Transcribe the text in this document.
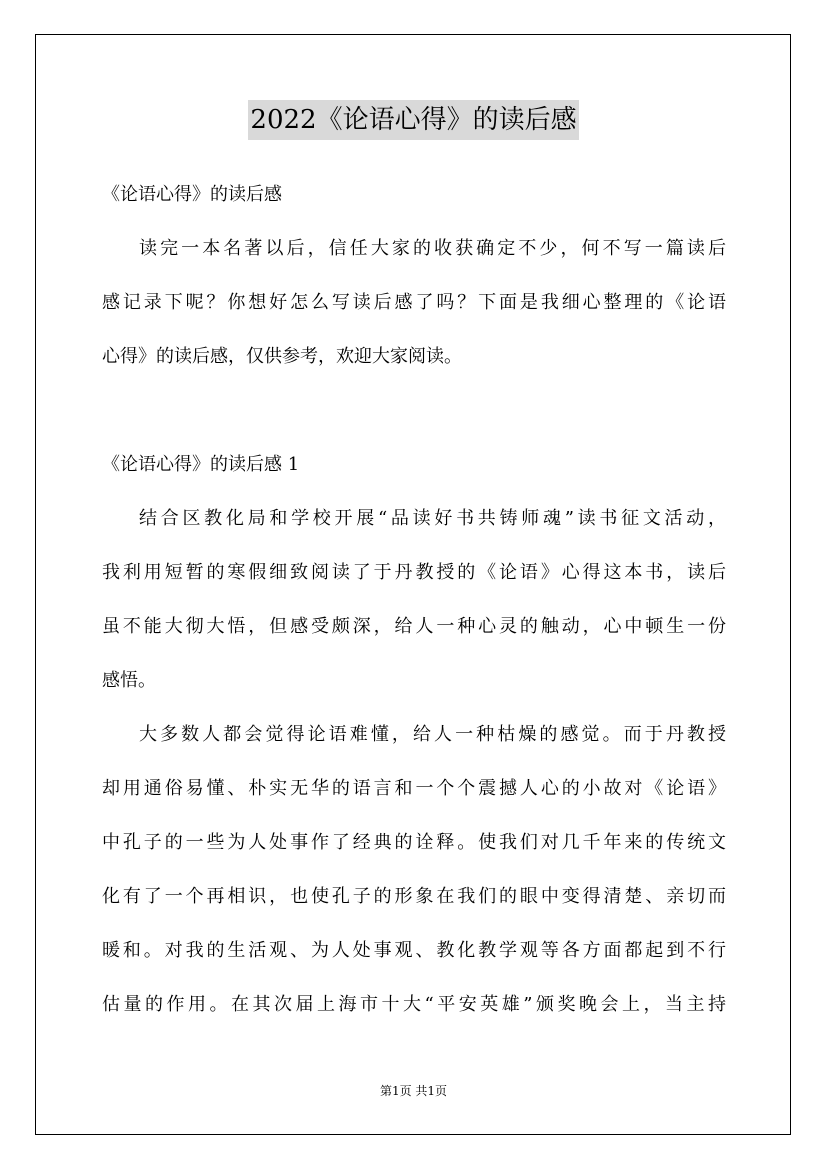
2022《论语心得》的读后感
《论语心得》的读后感
读完一本名著以后，信任大家的收获确定不少，何不写一篇读后
感记录下呢？你想好怎么写读后感了吗？下面是我细心整理的《论语
心得》的读后感，仅供参考，欢迎大家阅读。
《论语心得》的读后感 1
结合区教化局和学校开展“品读好书共铸师魂”读书征文活动，
我利用短暂的寒假细致阅读了于丹教授的《论语》心得这本书，读后
虽不能大彻大悟，但感受颇深，给人一种心灵的触动，心中顿生一份
感悟。
大多数人都会觉得论语难懂，给人一种枯燥的感觉。而于丹教授
却用通俗易懂、朴实无华的语言和一个个震撼人心的小故对《论语》
中孔子的一些为人处事作了经典的诠释。使我们对几千年来的传统文
化有了一个再相识，也使孔子的形象在我们的眼中变得清楚、亲切而
暖和。对我的生活观、为人处事观、教化教学观等各方面都起到不行
估量的作用。在其次届上海市十大“平安英雄”颁奖晚会上，当主持
第1页 共1页
